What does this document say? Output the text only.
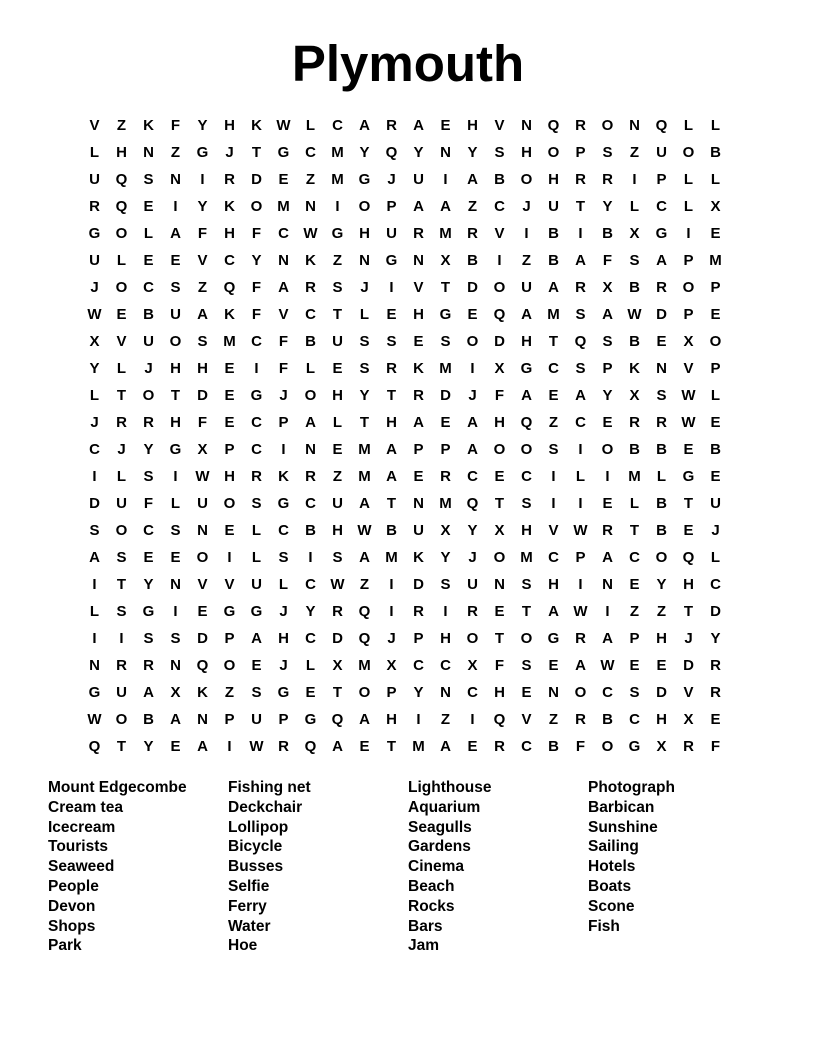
Plymouth
V	Z	K	F	Y	H	K W	L	C	A	R	A	E	H	V	N	Q	R	O	N	Q	L	L
L	H	N	Z	G	J	T	G	C	M	Y	Q	Y	N	Y	S	H	O	P	S	Z	U	O	B
U	Q	S	N	I	R	D	E	Z	M G	J	U	I	A	B	O	H	R	R	I	P	L	L
R	Q	E	I	Y	K	O M	N	I	O	P	A	A	Z	C	J	U	T	Y	L	C	L	X
G	O	L	A	F	H	F	C W G	H	U	R	M	R	V	I	B	I	B	X	G	I	E
U	L	E	E	V	C	Y	N	K	Z	N	G	N	X	B	I	Z	B	A	F	S	A	P	M
J	O	C	S	Z	Q	F	A	R	S	J	I	V	T	D	O	U	A	R	X	B	R	O	P
W E	B	U	A	K	F	V	C	T	L	E	H	G	E	Q	A	M	S	A W D	P	E
X	V	U	O	S	M	C	F	B	U	S	S	E	S	O	D	H	T	Q	S	B	E	X	O
Y	L	J	H	H	E	I	F	L	E	S	R	K	M	I	X	G	C	S	P	K	N	V	P
L	T	O	T	D	E	G	J	O	H	Y	T	R	D	J	F	A	E	A	Y	X	S W	L
J	R	R	H	F	E	C	P	A	L	T	H	A	E	A	H	Q	Z	C	E	R	R W E
C	J	Y	G	X	P	C	I	N	E	M	A	P	P	A	O	O	S	I	O	B	B	E	B
I	L	S	I	W H	R	K	R	Z	M	A	E	R	C	E	C	I	L	I	M	L	G	E
D	U	F	L	U	O	S	G	C	U	A	T	N	M Q	T	S	I	I	E	L	B	T	U
S	O	C	S	N	E	L	C	B	H W B	U	X	Y	X	H	V W R	T	B	E	J
A	S	E	E	O	I	L	S	I	S	A	M	K	Y	J	O M	C	P	A	C	O	Q	L
I	T	Y	N	V	V	U	L	C W	Z	I	D	S	U	N	S	H	I	N	E	Y	H	C
L	S	G	I	E	G	G	J	Y	R	Q	I	R	I	R	E	T	A W	I	Z	Z	T	D
I	I	S	S	D	P	A	H	C	D	Q	J	P	H	O	T	O	G	R	A	P	H	J	Y
N	R	R	N	Q	O	E	J	L	X	M	X	C	C	X	F	S	E	A W E	E	D	R
G	U	A	X	K	Z	S	G	E	T	O	P	Y	N	C	H	E	N	O	C	S	D	V	R
W O	B	A	N	P	U	P	G	Q	A	H	I	Z	I	Q	V	Z	R	B	C	H	X	E
Q	T	Y	E	A	I	W R	Q	A	E	T	M	A	E	R	C	B	F	O	G	X	R	F
Mount Edgecombe
Cream tea
Icecream
Tourists
Seaweed
People
Devon
Shops
Park
Fishing net
Deckchair
Lollipop
Bicycle
Busses
Selfie
Ferry
Water
Hoe
Lighthouse
Aquarium
Seagulls
Gardens
Cinema
Beach
Rocks
Bars
Jam
Photograph
Barbican
Sunshine
Sailing
Hotels
Boats
Scone
Fish
